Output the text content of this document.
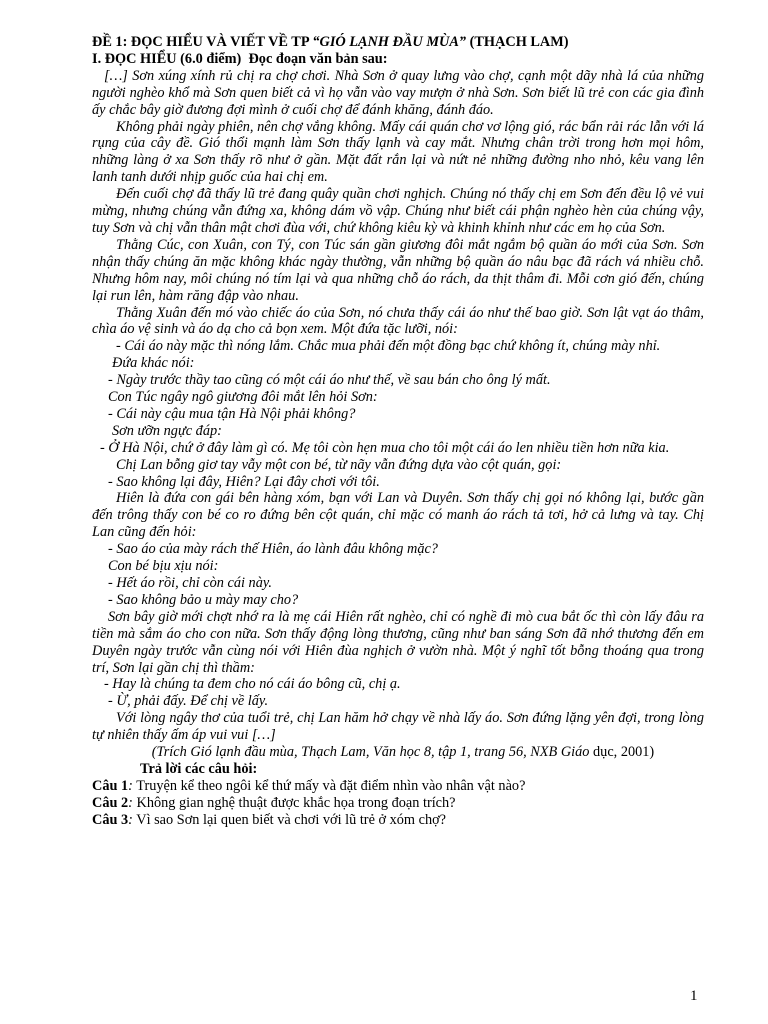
ĐỀ 1: ĐỌC HIỂU VÀ VIẾT VỀ TP “GIÓ LẠNH ĐẦU MÙA” (THẠCH LAM)
I. ĐỌC HIỂU (6.0 điểm) Đọc đoạn văn bản sau:

[…] Sơn xúng xính rủ chị ra chợ chơi. Nhà Sơn ở quay lưng vào chợ, cạnh một dãy nhà lá của những người nghèo khổ mà Sơn quen biết cả vì họ vẫn vào vay mượn ở nhà Sơn. Sơn biết lũ trẻ con các gia đình ấy chắc bây giờ đương đợi mình ở cuối chợ để đánh khăng, đánh đáo.

Không phải ngày phiên, nên chợ vắng không. Mấy cái quán chơ vơ lộng gió, rác bẩn rải rác lẫn với lá rụng của cây đề. Gió thổi mạnh làm Sơn thấy lạnh và cay mắt. Nhưng chân trời trong hơn mọi hôm, những làng ở xa Sơn thấy rõ như ở gần. Mặt đất rắn lại và nứt nẻ những đường nho nhỏ, kêu vang lên lanh tanh dưới nhịp guốc của hai chị em.

Đến cuối chợ đã thấy lũ trẻ đang quây quần chơi nghịch. Chúng nó thấy chị em Sơn đến đều lộ vẻ vui mừng, nhưng chúng vẫn đứng xa, không dám vồ vập. Chúng như biết cái phận nghèo hèn của chúng vậy, tuy Sơn và chị vẫn thân mật chơi đùa với, chứ không kiêu kỳ và khinh khỉnh như các em họ của Sơn.

Thằng Cúc, con Xuân, con Tý, con Túc sán gần giương đôi mắt ngắm bộ quần áo mới của Sơn. Sơn nhận thấy chúng ăn mặc không khác ngày thường, vẫn những bộ quần áo nâu bạc đã rách vá nhiều chỗ. Nhưng hôm nay, môi chúng nó tím lại và qua những chỗ áo rách, da thịt thâm đi. Mỗi cơn gió đến, chúng lại run lên, hàm răng đập vào nhau.

Thằng Xuân đến mó vào chiếc áo của Sơn, nó chưa thấy cái áo như thế bao giờ. Sơn lật vạt áo thâm, chìa áo vệ sinh và áo dạ cho cả bọn xem. Một đứa tặc lưỡi, nói:

- Cái áo này mặc thì nóng lắm. Chắc mua phải đến một đồng bạc chứ không ít, chúng mày nhỉ.

Đứa khác nói:

- Ngày trước thầy tao cũng có một cái áo như thế, về sau bán cho ông lý mất.

Con Túc ngây ngô giương đôi mắt lên hỏi Sơn:

- Cái này cậu mua tận Hà Nội phải không?

Sơn ưỡn ngực đáp:

- Ở Hà Nội, chứ ở đây làm gì có. Mẹ tôi còn hẹn mua cho tôi một cái áo len nhiều tiền hơn nữa kia.

Chị Lan bỗng giơ tay vẫy một con bé, từ nãy vẫn đứng dựa vào cột quán, gọi:

- Sao không lại đây, Hiên? Lại đây chơi với tôi.

Hiên là đứa con gái bên hàng xóm, bạn với Lan và Duyên. Sơn thấy chị gọi nó không lại, bước gần đến trông thấy con bé co ro đứng bên cột quán, chỉ mặc có manh áo rách tả tơi, hở cả lưng và tay. Chị Lan cũng đến hỏi:

- Sao áo của mày rách thế Hiên, áo lành đâu không mặc?

Con bé bịu xịu nói:

- Hết áo rồi, chỉ còn cái này.

- Sao không bảo u mày may cho?

Sơn bây giờ mới chợt nhớ ra là mẹ cái Hiên rất nghèo, chỉ có nghề đi mò cua bắt ốc thì còn lấy đâu ra tiền mà sắm áo cho con nữa. Sơn thấy động lòng thương, cũng như ban sáng Sơn đã nhớ thương đến em Duyên ngày trước vẫn cùng nói với Hiên đùa nghịch ở vườn nhà. Một ý nghĩ tốt bỗng thoáng qua trong trí, Sơn lại gần chị thì thầm:

- Hay là chúng ta đem cho nó cái áo bông cũ, chị ạ.

- Ừ, phải đấy. Để chị về lấy.

Với lòng ngây thơ của tuổi trẻ, chị Lan hăm hở chạy về nhà lấy áo. Sơn đứng lặng yên đợi, trong lòng tự nhiên thấy ấm áp vui vui […]

(Trích Gió lạnh đầu mùa, Thạch Lam, Văn học 8, tập 1, trang 56, NXB Giáo dục, 2001)

Trả lời các câu hỏi:

Câu 1: Truyện kể theo ngôi kể thứ mấy và đặt điểm nhìn vào nhân vật nào?

Câu 2: Không gian nghệ thuật được khắc họa trong đoạn trích?

Câu 3: Vì sao Sơn lại quen biết và chơi với lũ trẻ ở xóm chợ?

1
